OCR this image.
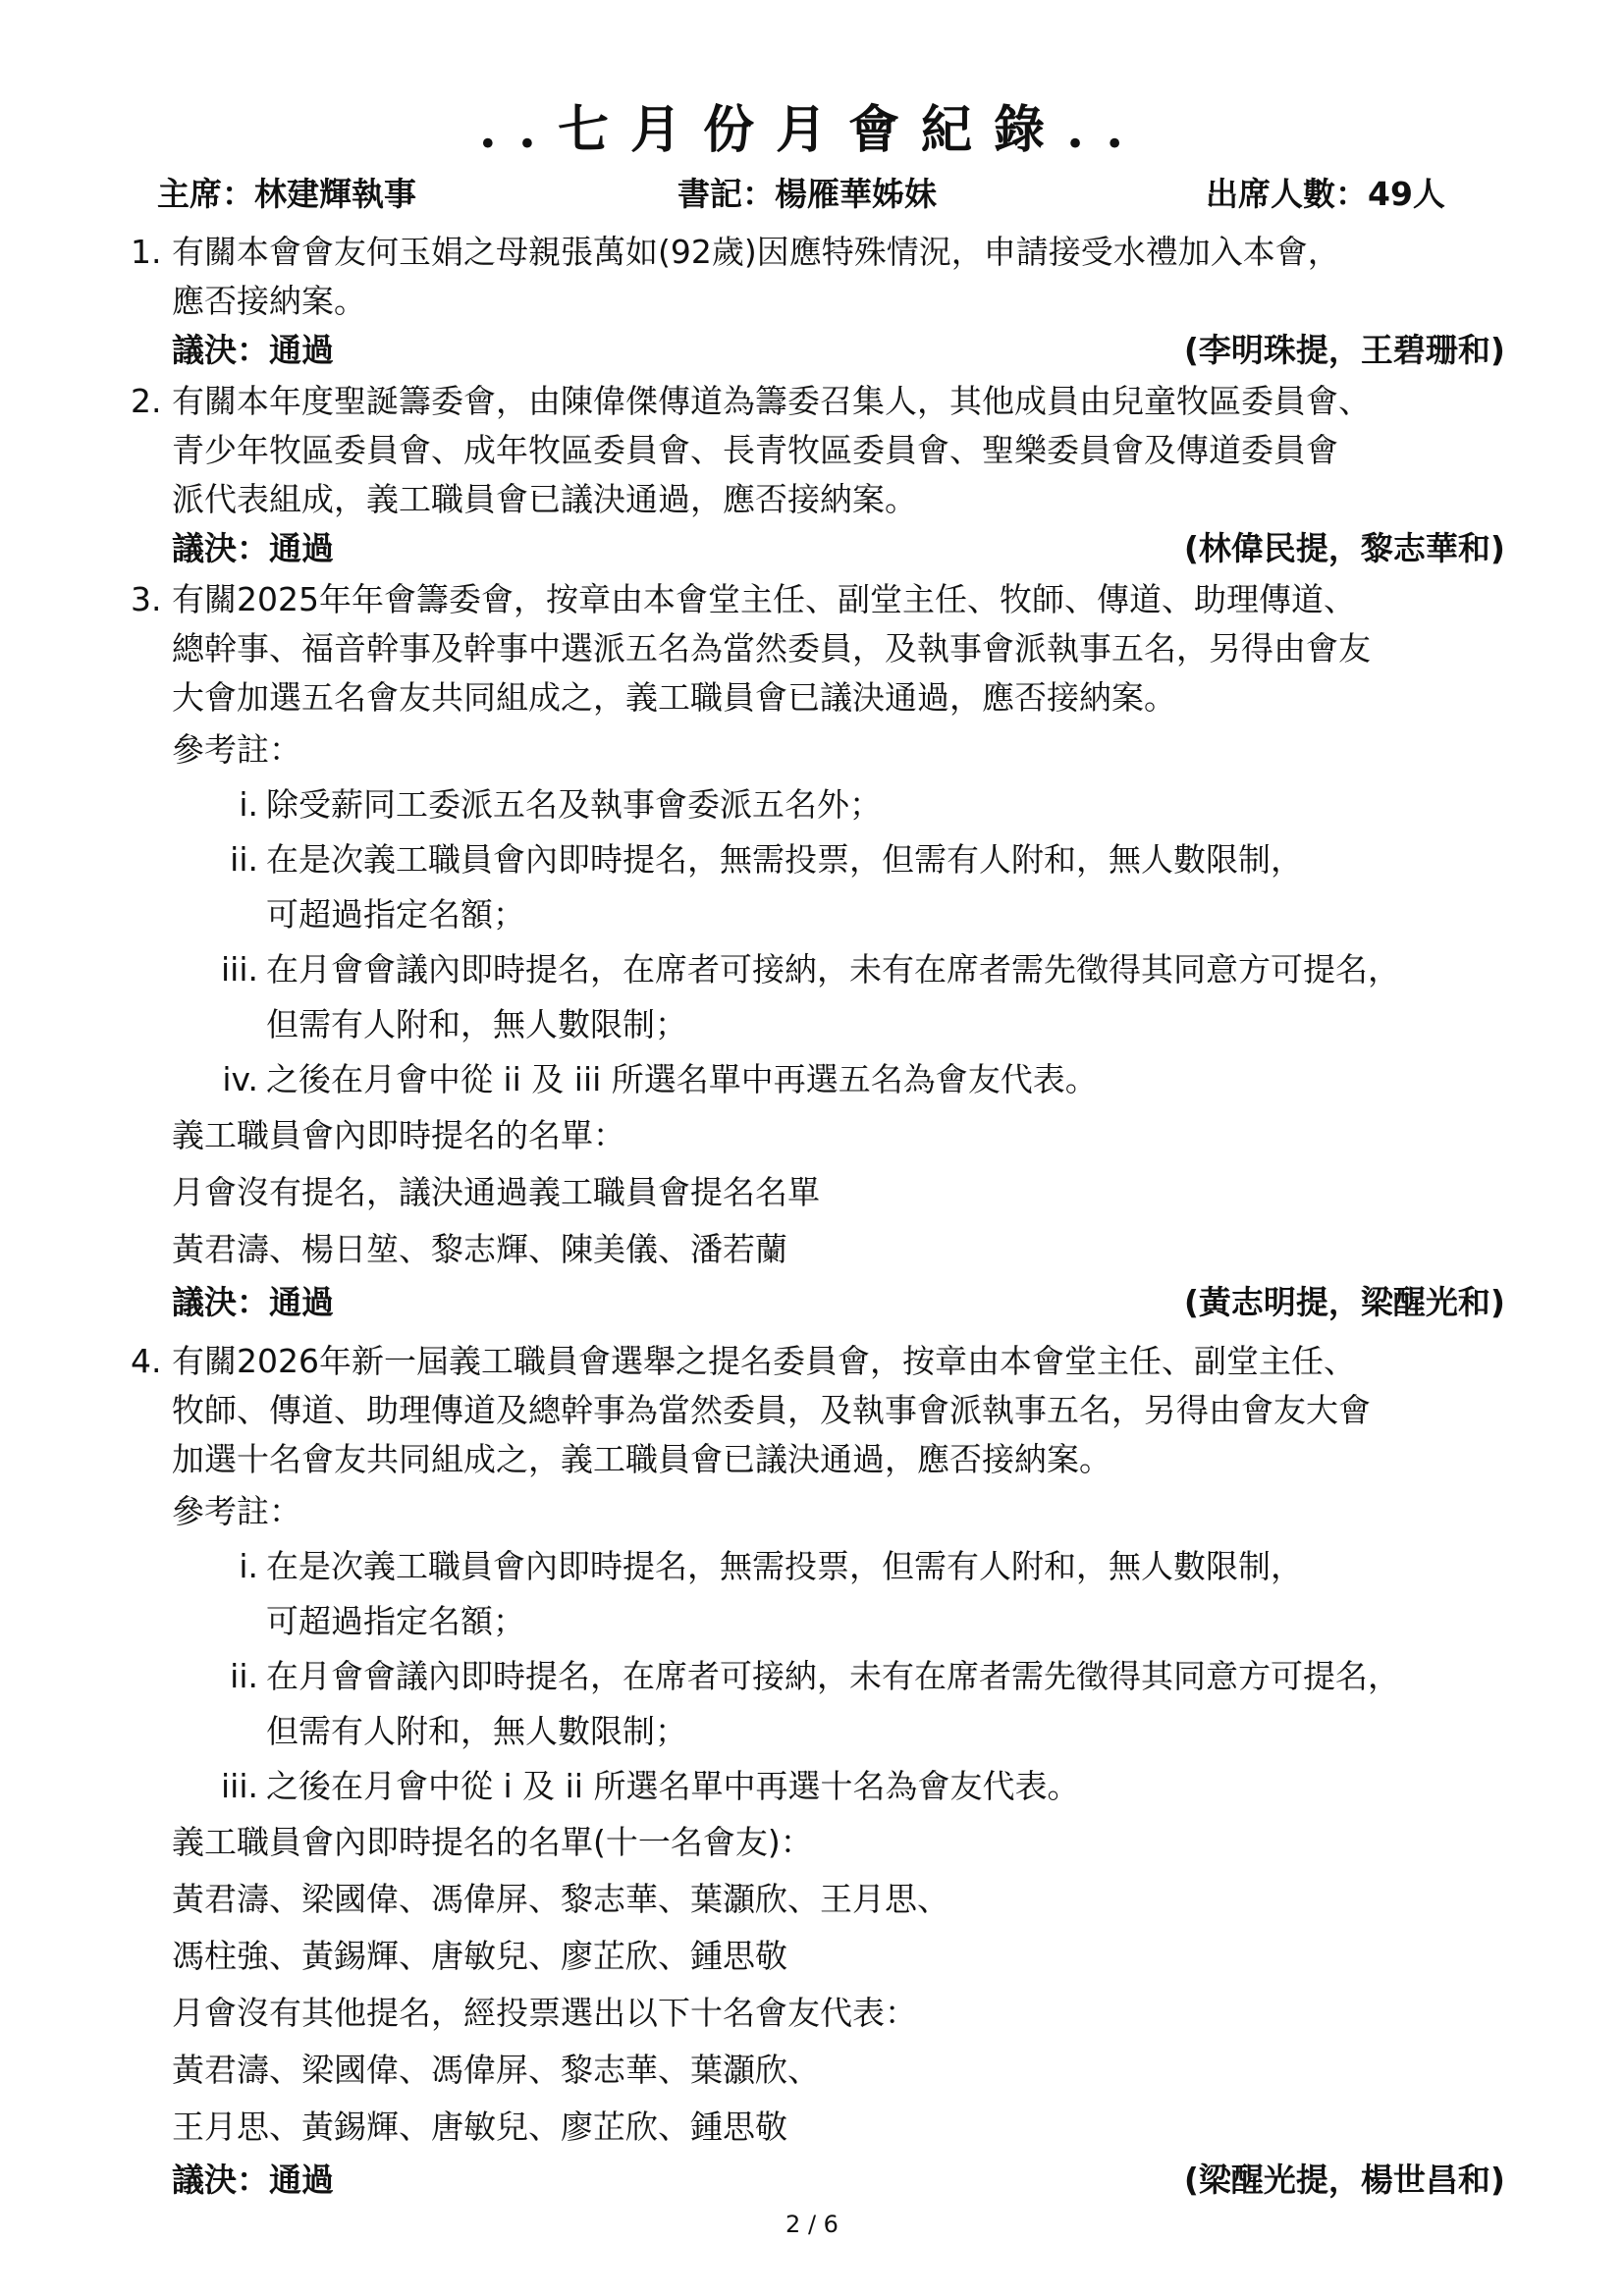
..七月份月會紀錄..
主席：林建輝執事	書記：楊雁華姊妹	出席人數：49人
1. 有關本會會友何玉娟之母親張萬如(92歲)因應特殊情況，申請接受水禮加入本會，
應否接納案。
議決：通過	(李明珠提，王碧珊和)
2. 有關本年度聖誕籌委會，由陳偉傑傳道為籌委召集人，其他成員由兒童牧區委員會、
青少年牧區委員會、成年牧區委員會、長青牧區委員會、聖樂委員會及傳道委員會
派代表組成，義工職員會已議決通過，應否接納案。
議決：通過	(林偉民提，黎志華和)
3. 有關2025年年會籌委會，按章由本會堂主任、副堂主任、牧師、傳道、助理傳道、
總幹事、福音幹事及幹事中選派五名為當然委員，及執事會派執事五名，另得由會友
大會加選五名會友共同組成之，義工職員會已議決通過，應否接納案。
參考註：
i. 除受薪同工委派五名及執事會委派五名外；
ii. 在是次義工職員會內即時提名，無需投票，但需有人附和，無人數限制，
可超過指定名額；
iii. 在月會會議內即時提名，在席者可接納，未有在席者需先徵得其同意方可提名，
但需有人附和，無人數限制；
iv. 之後在月會中從 ii 及 iii 所選名單中再選五名為會友代表。
義工職員會內即時提名的名單：
月會沒有提名，議決通過義工職員會提名名單
黃君濤、楊日堃、黎志輝、陳美儀、潘若蘭
議決：通過	(黃志明提，梁醒光和)
4. 有關2026年新一屆義工職員會選舉之提名委員會，按章由本會堂主任、副堂主任、
牧師、傳道、助理傳道及總幹事為當然委員，及執事會派執事五名，另得由會友大會
加選十名會友共同組成之，義工職員會已議決通過，應否接納案。
參考註：
i. 在是次義工職員會內即時提名，無需投票，但需有人附和，無人數限制，
可超過指定名額；
ii. 在月會會議內即時提名，在席者可接納，未有在席者需先徵得其同意方可提名，
但需有人附和，無人數限制；
iii. 之後在月會中從 i 及 ii 所選名單中再選十名為會友代表。
義工職員會內即時提名的名單(十一名會友)：
黃君濤、梁國偉、馮偉屏、黎志華、葉灝欣、王月思、
馮柱強、黃錫輝、唐敏兒、廖芷欣、鍾思敬
月會沒有其他提名，經投票選出以下十名會友代表：
黃君濤、梁國偉、馮偉屏、黎志華、葉灝欣、
王月思、黃錫輝、唐敏兒、廖芷欣、鍾思敬
議決：通過	(梁醒光提，楊世昌和)
2 / 6
